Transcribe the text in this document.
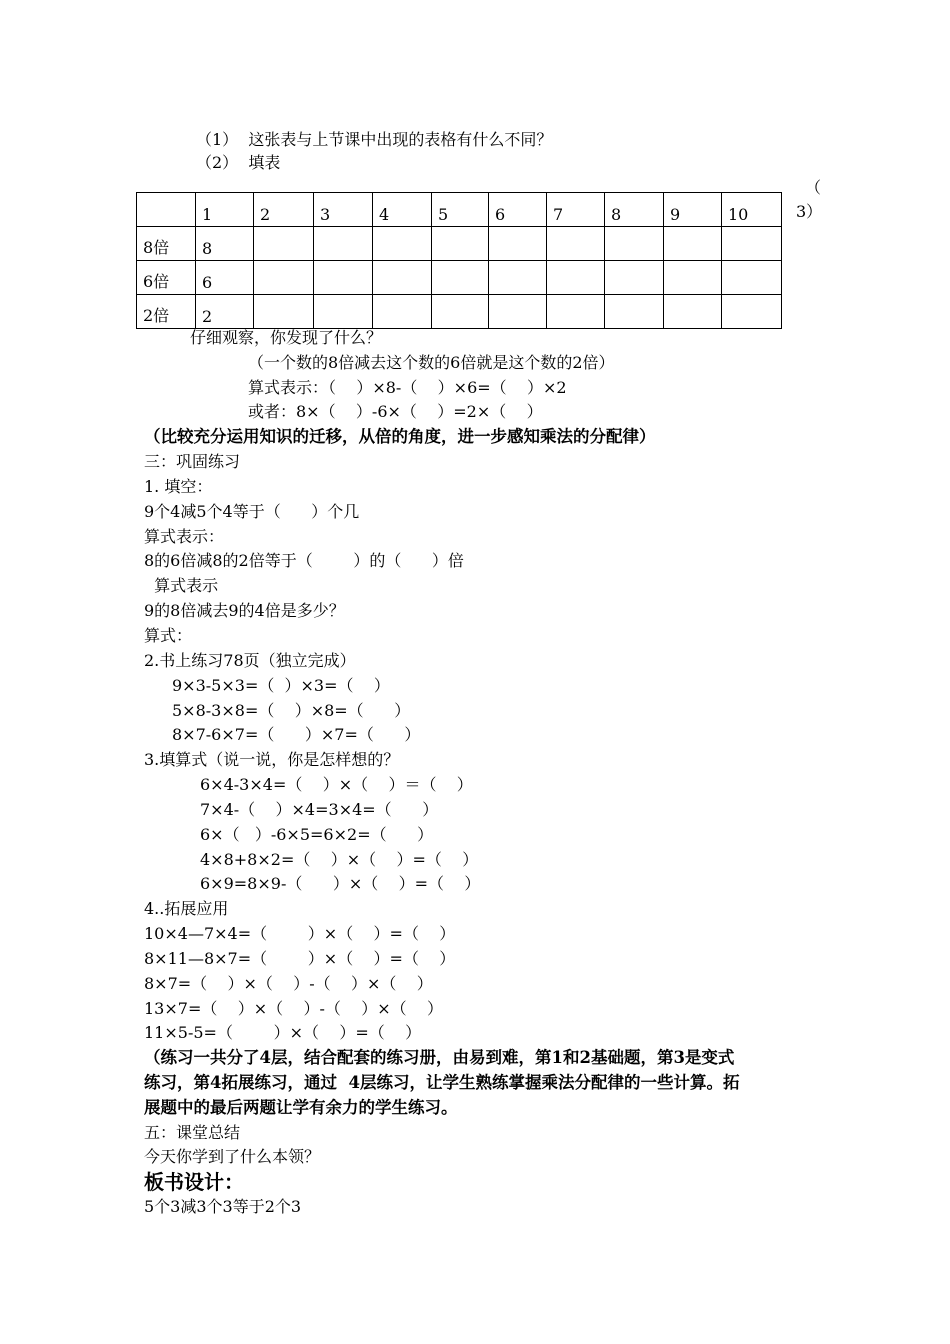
（1）  这张表与上节课中出现的表格有什么不同？
（2）  填表
（
3）
	1	2	3	4	5	6	7	8	9	10
8倍	8									
6倍	6									
2倍	2									
仔细观察，你发现了什么？
（一个数的8倍减去这个数的6倍就是这个数的2倍）
算式表示：（    ）×8-（    ）×6=（    ）×2
或者：8×（    ）-6×（    ）=2×（    ）
（比较充分运用知识的迁移，从倍的角度，进一步感知乘法的分配律）
三：巩固练习
1. 填空：
9个4减5个4等于（      ）个几
算式表示：
8的6倍减8的2倍等于（        ）的（      ）倍
算式表示
9的8倍减去9的4倍是多少？
算式：
2.书上练习78页（独立完成）
9×3-5×3=（  ）×3=（    ）
5×8-3×8=（    ）×8=（      ）
8×7-6×7=（      ）×7=（      ）
3.填算式（说一说，你是怎样想的？
6×4-3×4=（    ）×（    ）＝（    ）
7×4-（    ）×4=3×4=（      ）
6×（   ）-6×5=6×2=（      ）
4×8+8×2=（    ）×（    ）=（    ）
6×9=8×9-（      ）×（    ）=（    ）
4..拓展应用
10×4—7×4=（        ）×（    ）=（    ）
8×11—8×7=（        ）×（    ）=（    ）
8×7=（    ）×（    ）-（    ）×（    ）
13×7=（    ）×（    ）-（    ）×（    ）
11×5-5=（        ）×（    ）=（    ）
（练习一共分了4层，结合配套的练习册，由易到难，第1和2基础题，第3是变式
练习，第4拓展练习，通过  4层练习，让学生熟练掌握乘法分配律的一些计算。拓
展题中的最后两题让学有余力的学生练习。
五：课堂总结
今天你学到了什么本领？
板书设计：
5个3减3个3等于2个3
